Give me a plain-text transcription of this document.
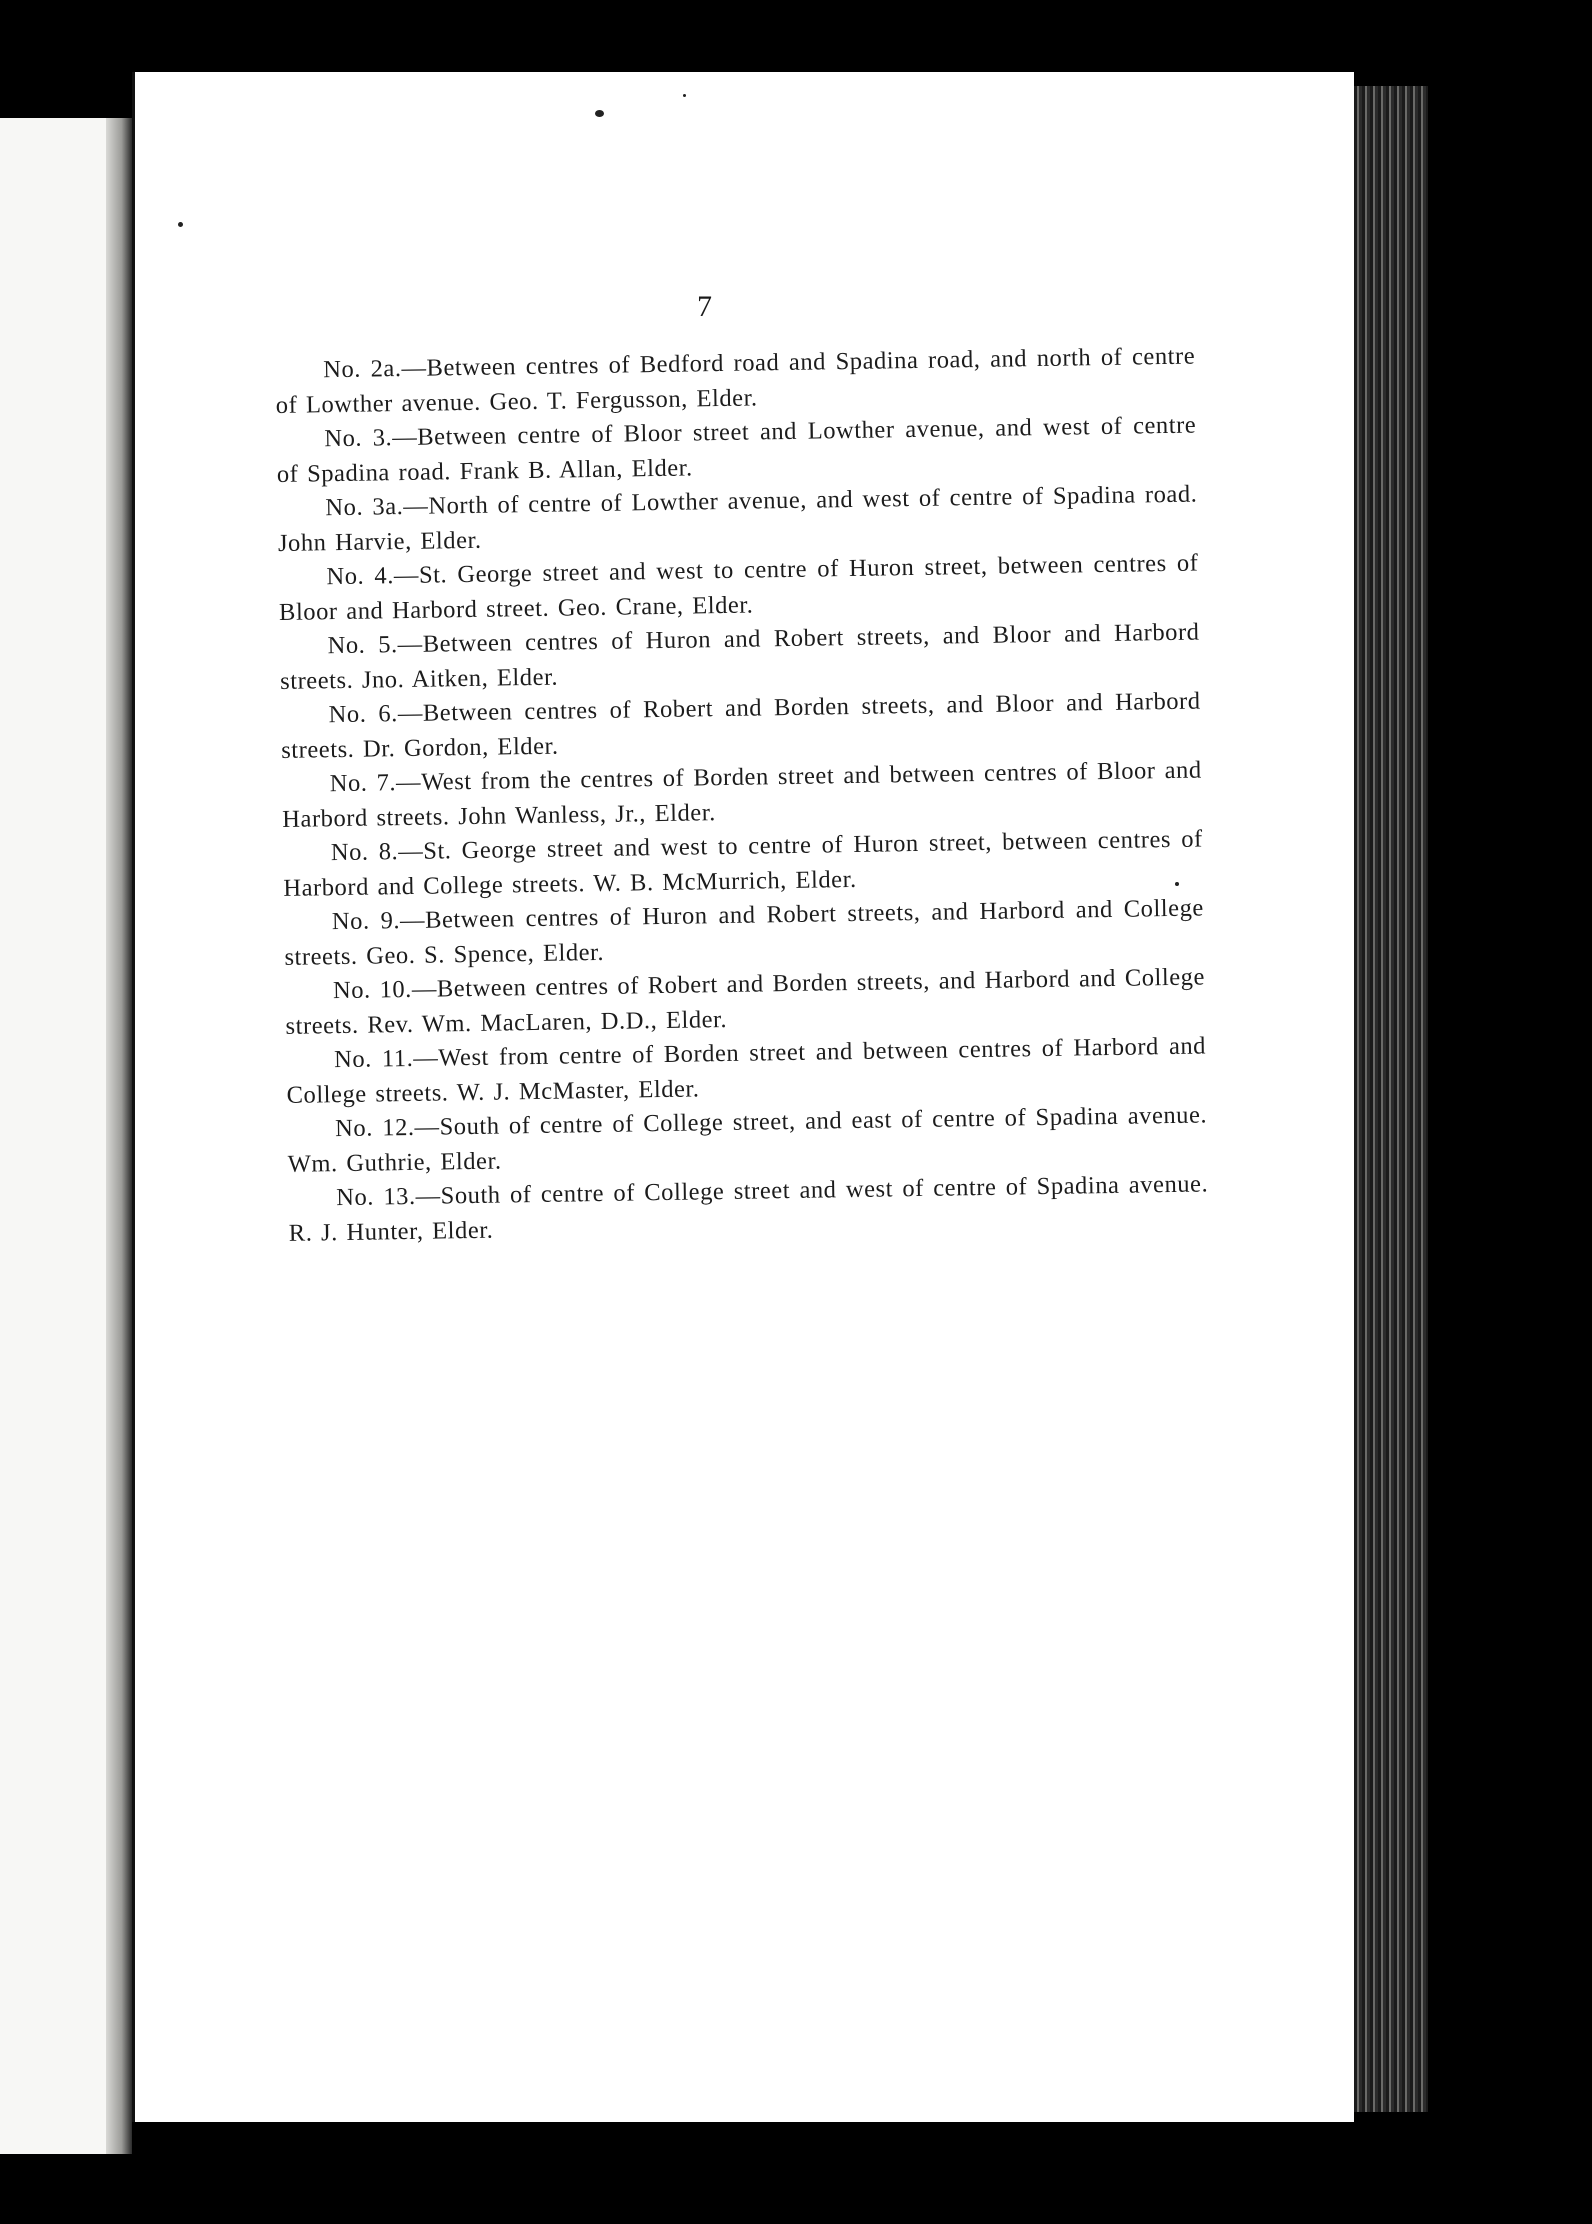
7

No. 2a.—Between centres of Bedford road and Spadina road, and north of centre of Lowther avenue. Geo. T. Fergusson, Elder.

No. 3.—Between centre of Bloor street and Lowther avenue, and west of centre of Spadina road. Frank B. Allan, Elder.

No. 3a.—North of centre of Lowther avenue, and west of centre of Spadina road. John Harvie, Elder.

No. 4.—St. George street and west to centre of Huron street, between centres of Bloor and Harbord street. Geo. Crane, Elder.

No. 5.—Between centres of Huron and Robert streets, and Bloor and Harbord streets. Jno. Aitken, Elder.

No. 6.—Between centres of Robert and Borden streets, and Bloor and Harbord streets. Dr. Gordon, Elder.

No. 7.—West from the centres of Borden street and between centres of Bloor and Harbord streets. John Wanless, Jr., Elder.

No. 8.—St. George street and west to centre of Huron street, between centres of Harbord and College streets. W. B. McMurrich, Elder.

No. 9.—Between centres of Huron and Robert streets, and Harbord and College streets. Geo. S. Spence, Elder.

No. 10.—Between centres of Robert and Borden streets, and Harbord and College streets. Rev. Wm. MacLaren, D.D., Elder.

No. 11.—West from centre of Borden street and between centres of Harbord and College streets. W. J. McMaster, Elder.

No. 12.—South of centre of College street, and east of centre of Spadina avenue. Wm. Guthrie, Elder.

No. 13.—South of centre of College street and west of centre of Spadina avenue. R. J. Hunter, Elder.
